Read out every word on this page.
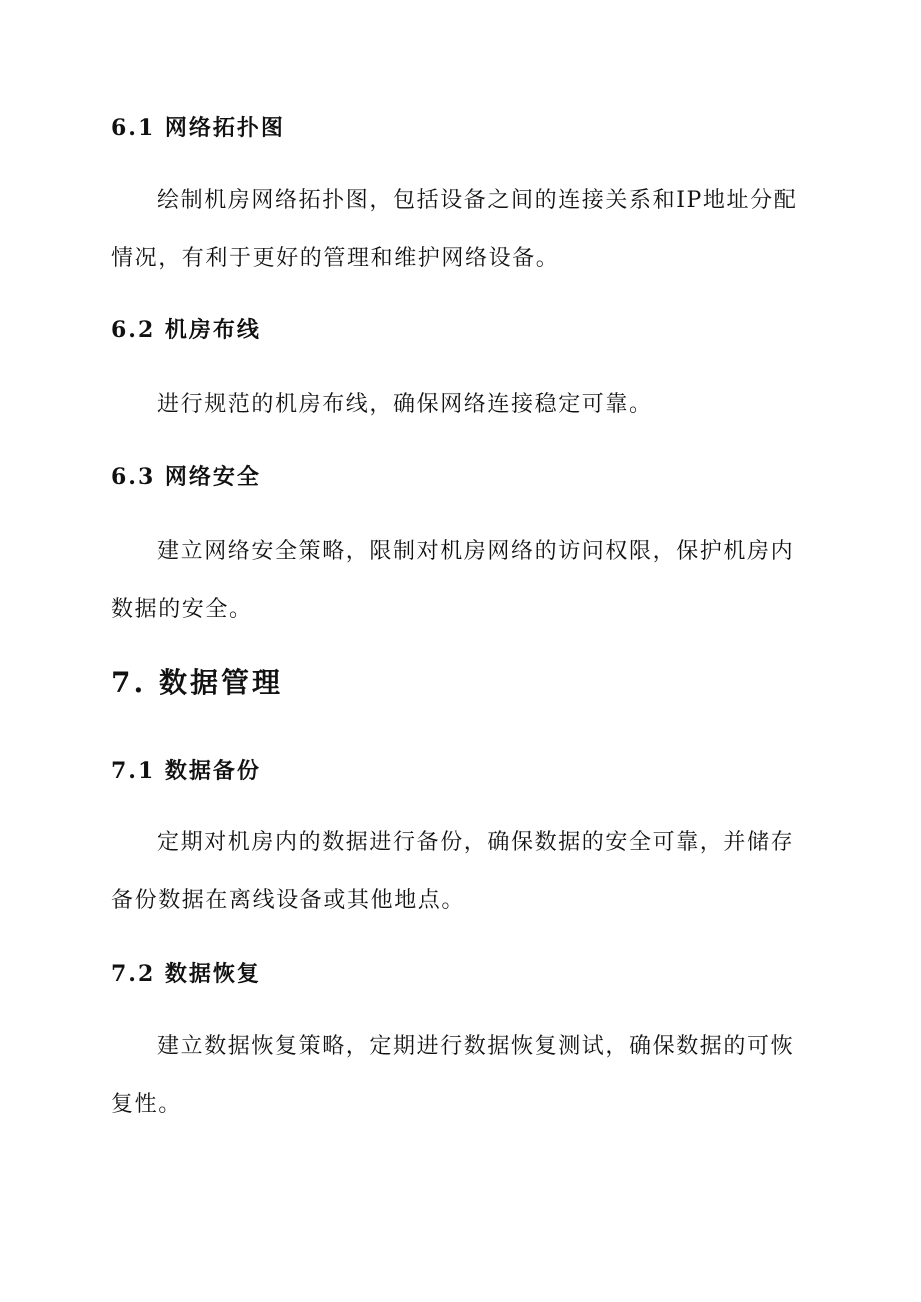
6.1 网络拓扑图

绘制机房网络拓扑图，包括设备之间的连接关系和IP地址分配
情况，有利于更好的管理和维护网络设备。

6.2 机房布线

进行规范的机房布线，确保网络连接稳定可靠。

6.3 网络安全

建立网络安全策略，限制对机房网络的访问权限，保护机房内
数据的安全。

7. 数据管理
7.1 数据备份

定期对机房内的数据进行备份，确保数据的安全可靠，并储存
备份数据在离线设备或其他地点。

7.2 数据恢复

建立数据恢复策略，定期进行数据恢复测试，确保数据的可恢
复性。
